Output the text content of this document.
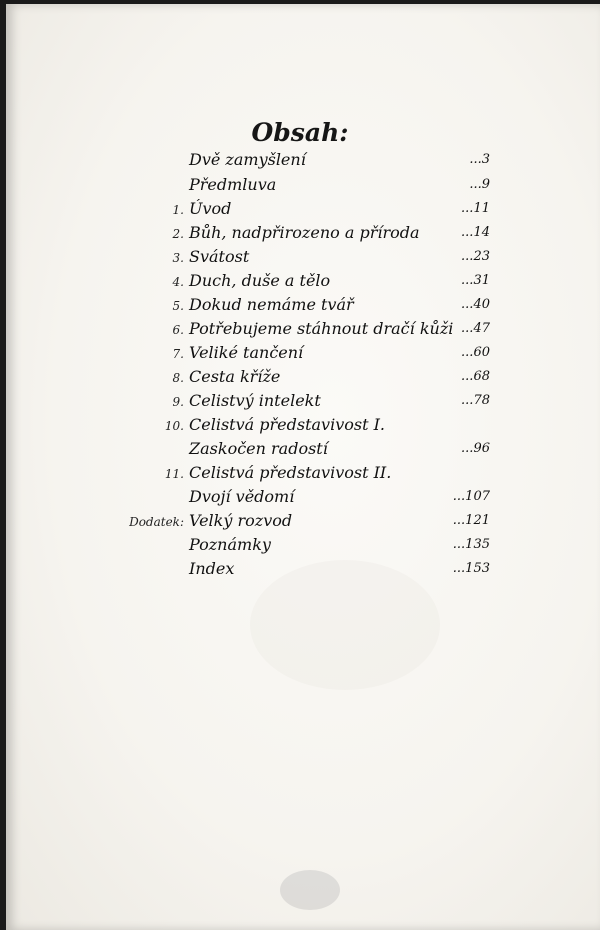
Obsah:
Dvě zamyšlení	...3
Předmluva	...9
1. Úvod	...11
2. Bůh, nadpřirozeno a příroda	...14
3. Svátost	...23
4. Duch, duše a tělo	...31
5. Dokud nemáme tvář	...40
6. Potřebujeme stáhnout dračí kůži ...47
7. Veliké tančení	...60
8. Cesta kříže	...68
9. Celistvý intelekt	...78
10. Celistvá představivost I.
Zaskočen radostí	...96
11. Celistvá představivost II.
Dvojí vědomí	...107
Dodatek: Velký rozvod	...121
Poznámky	...135
Index	...153
